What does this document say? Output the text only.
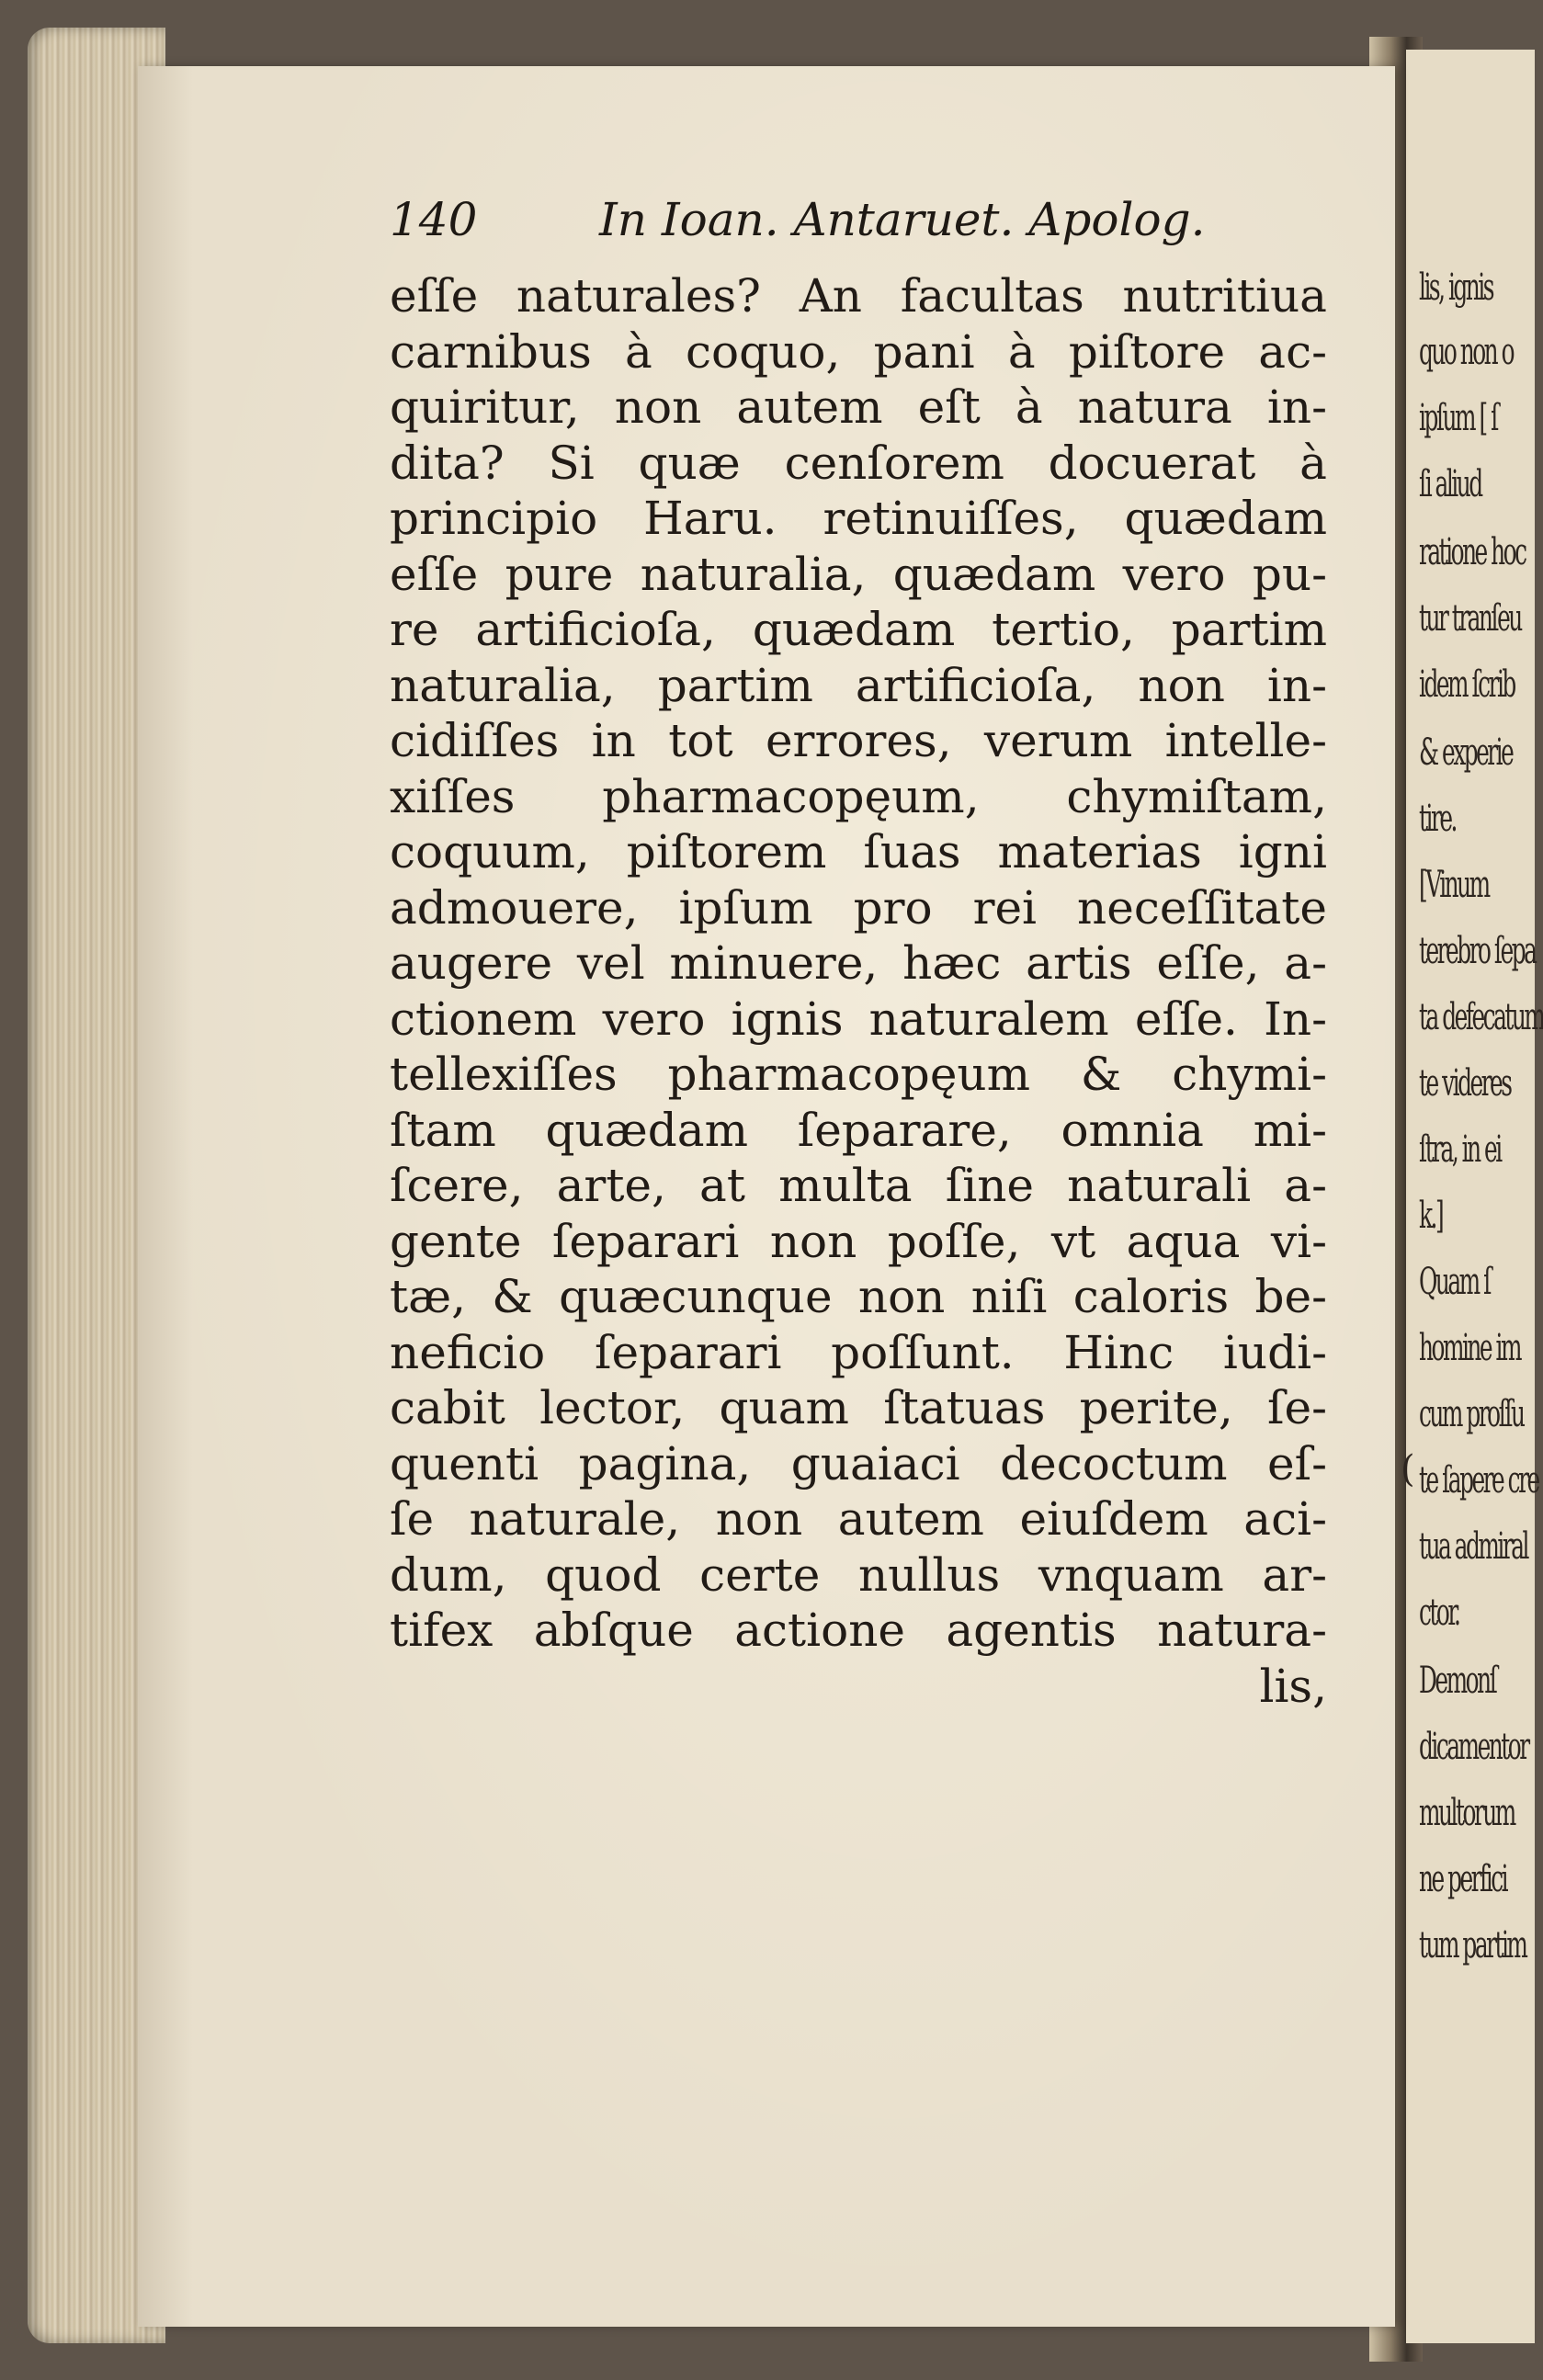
lis, ignis
quo non o
ipſum [ ſ
ſi aliud
ratione hoc
tur tranſeu
idem ſcrib
& experie
tire.
[Vinum
terebro ſepa
ta defecatum
te videres
ſtra, in ei
k.]
Quam ſ
homine im
cum proſſu
te ſapere cre
tua admiral
ctor.
Demonſ
dicamentor
multorum
ne perfici
tum partim
(
140	In Ioan. Antaruet. Apolog.
eſſe naturales? An facultas nutritiua
carnibus à coquo, pani à piſtore ac-
quiritur, non autem eſt à natura in-
dita? Si quæ cenſorem docuerat à
principio Haru. retinuiſſes, quædam
eſſe pure naturalia, quædam vero pu-
re artificioſa, quædam tertio, partim
naturalia, partim artificioſa, non in-
cidiſſes in tot errores, verum intelle-
xiſſes pharmacopęum, chymiſtam,
coquum, piſtorem ſuas materias igni
admouere, ipſum pro rei neceſſitate
augere vel minuere, hæc artis eſſe, a-
ctionem vero ignis naturalem eſſe. In-
tellexiſſes pharmacopęum & chymi-
ſtam quædam ſeparare, omnia mi-
ſcere, arte, at multa ſine naturali a-
gente ſeparari non poſſe, vt aqua vi-
tæ, & quæcunque non niſi caloris be-
neficio ſeparari poſſunt. Hinc iudi-
cabit lector, quam ſtatuas perite, ſe-
quenti pagina, guaiaci decoctum eſ-
ſe naturale, non autem eiuſdem aci-
dum, quod certe nullus vnquam ar-
tifex abſque actione agentis natura-
lis,
